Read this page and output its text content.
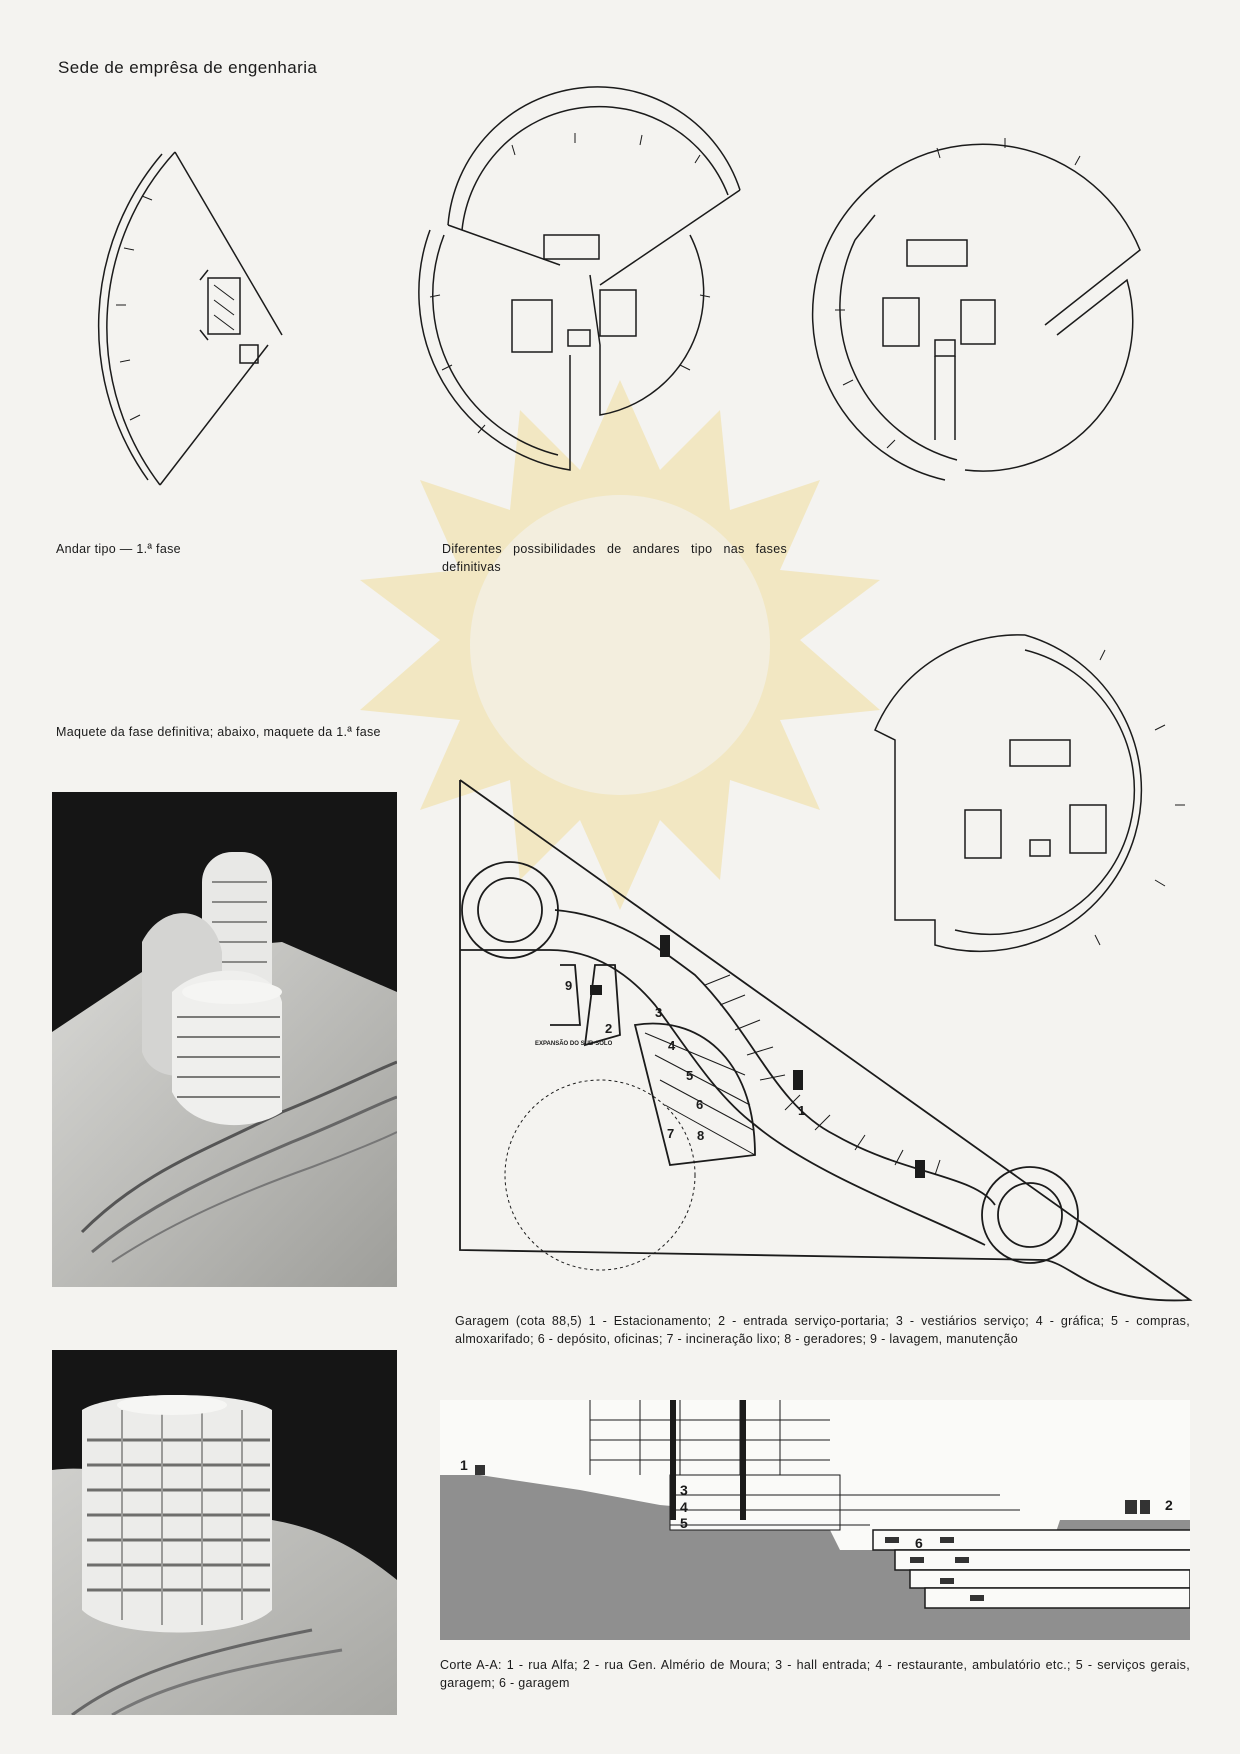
Sede de emprêsa de engenharia
Andar tipo — 1.ª fase	Diferentes possibilidades de andares tipo nas fases definitivas
Maquete da fase definitiva; abaixo, maquete da 1.ª fase
1
2
3
4
5
6
7 8
9
EXPANSÃO DO SUB-SOLO
Garagem (cota 88,5) 1 - Estacionamento; 2 - entrada serviço-portaria; 3 - vestiários serviço; 4 - gráfica; 5 - compras, almoxarifado; 6 - depósito, oficinas; 7 - incineração lixo; 8 - geradores; 9 - lavagem, manutenção
1
2
3
4
5
6
Corte A-A: 1 - rua Alfa; 2 - rua Gen. Almério de Moura; 3 - hall entrada; 4 - restaurante, ambulatório etc.; 5 - serviços gerais, garagem; 6 - garagem
